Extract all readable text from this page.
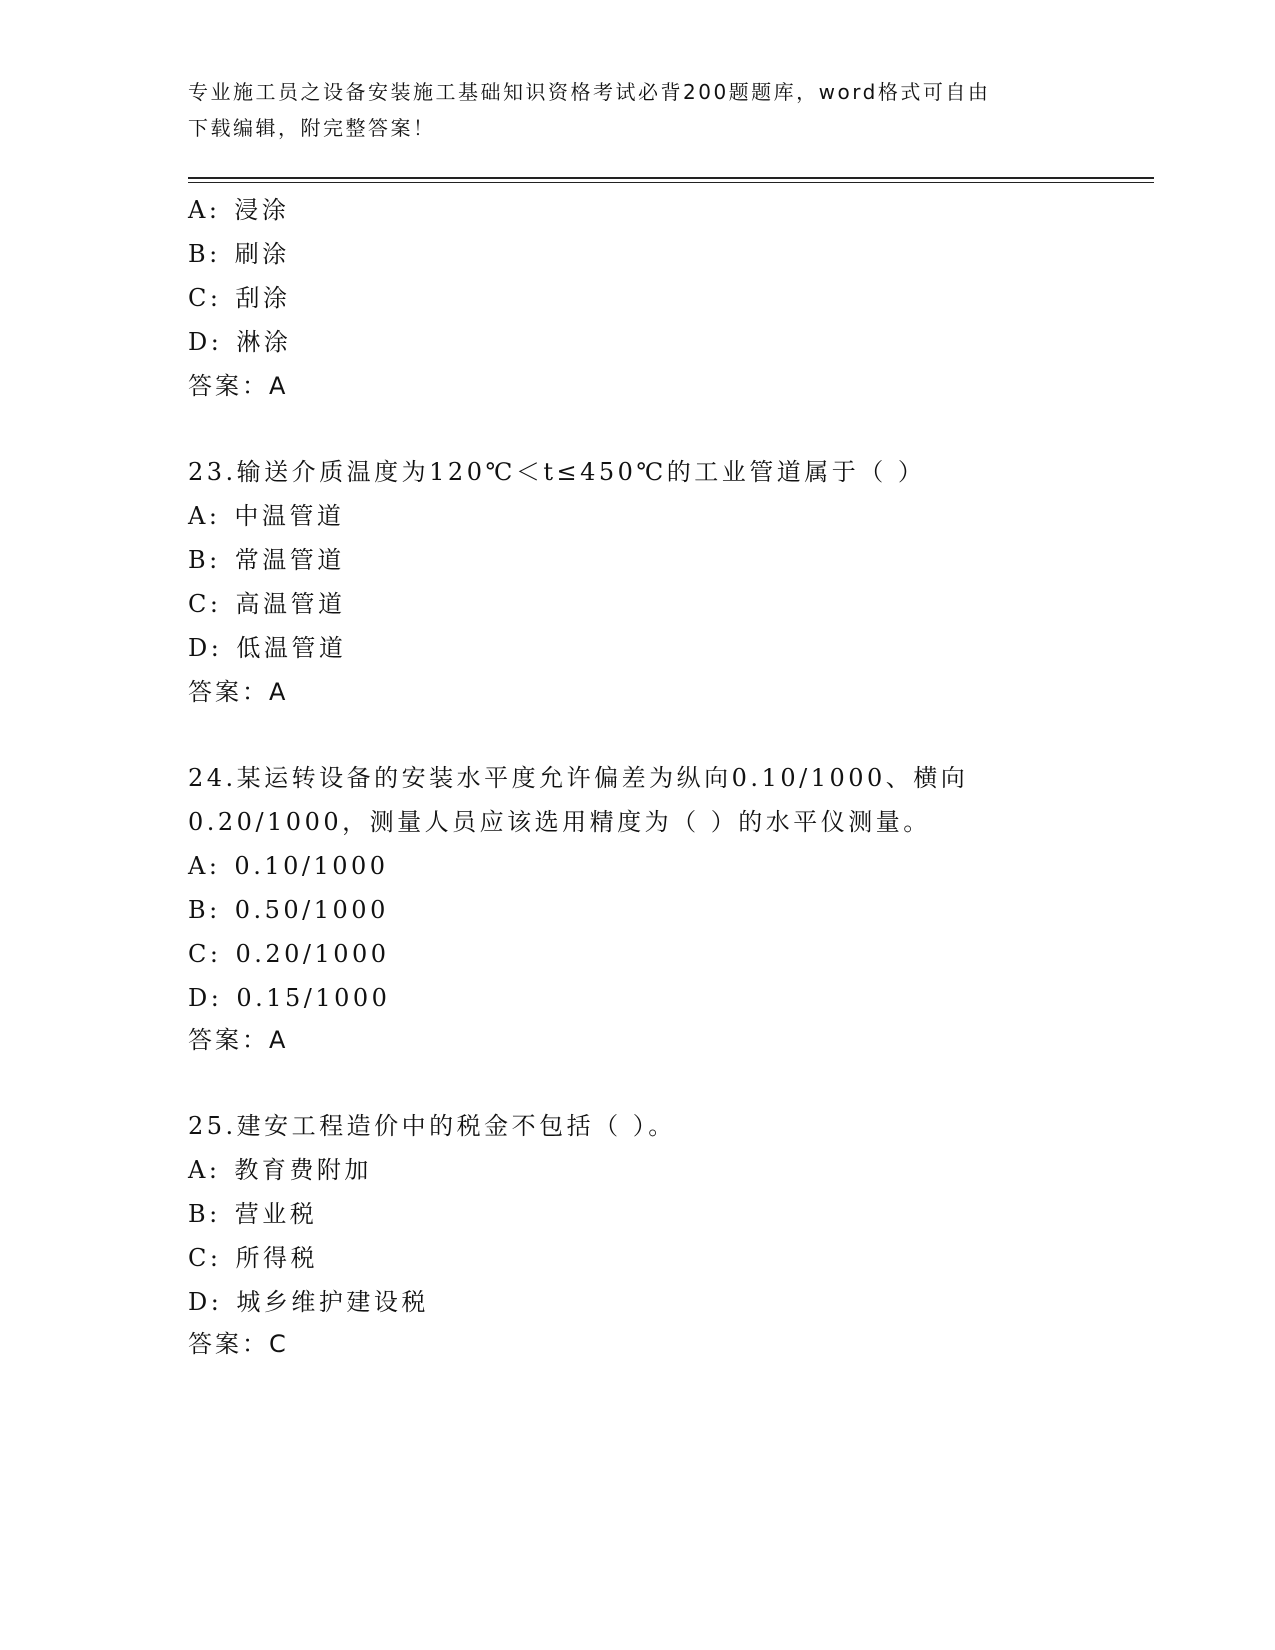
专业施工员之设备安装施工基础知识资格考试必背200题题库，word格式可自由
下载编辑，附完整答案！
A: 浸涂
B: 刷涂
C: 刮涂
D: 淋涂
答案：A
23.输送介质温度为120℃＜t≤450℃的工业管道属于（ ）
A: 中温管道
B: 常温管道
C: 高温管道
D: 低温管道
答案：A
24.某运转设备的安装水平度允许偏差为纵向0.10/1000、横向
0.20/1000，测量人员应该选用精度为（ ）的水平仪测量。
A: 0.10/1000
B: 0.50/1000
C: 0.20/1000
D: 0.15/1000
答案：A
25.建安工程造价中的税金不包括（ ）。
A: 教育费附加
B: 营业税
C: 所得税
D: 城乡维护建设税
答案：C
